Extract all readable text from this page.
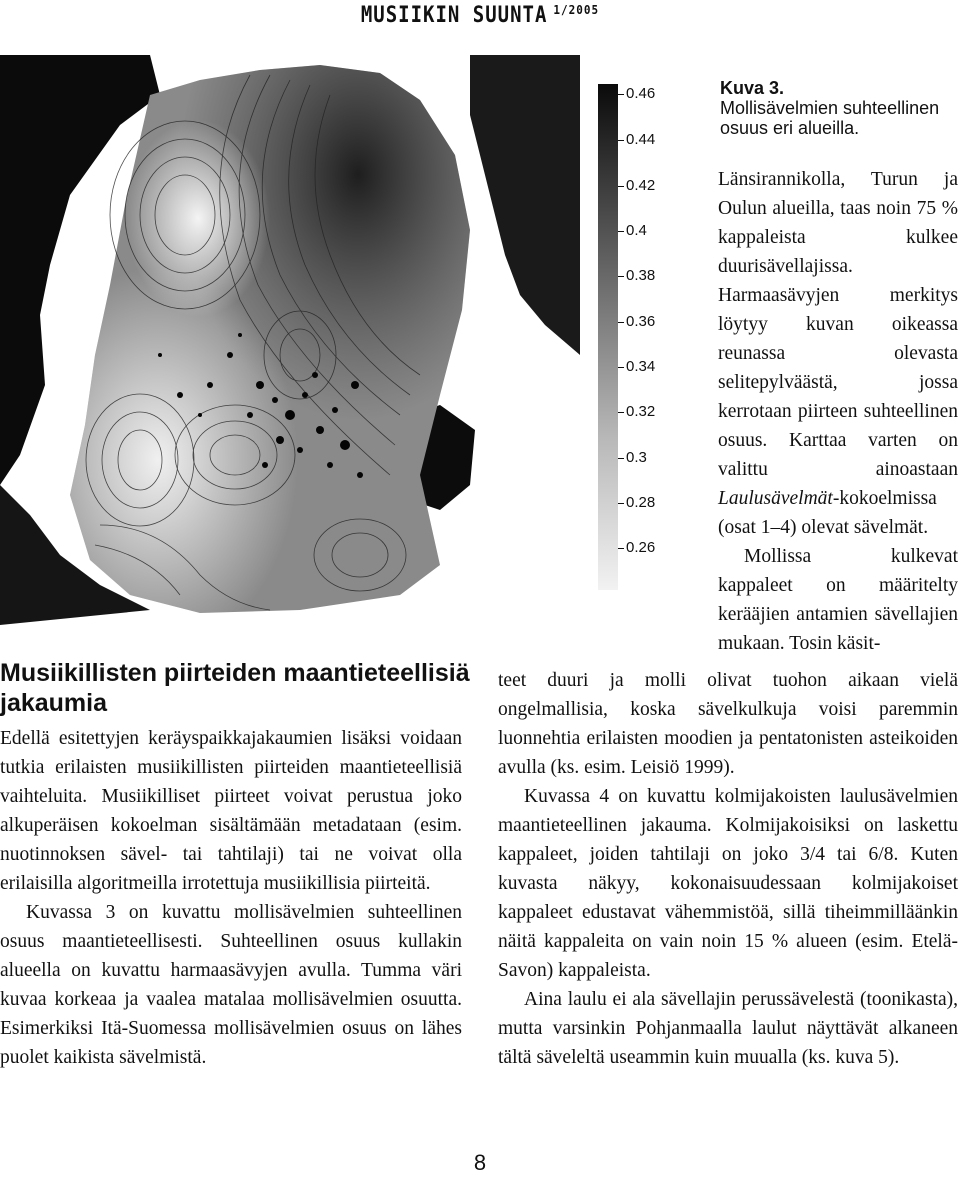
MUSIIKIN SUUNTA $^{1/2005}$
0.46
0.44
0.42
0.4
0.38
0.36
0.34
0.32
0.3
0.28
0.26
Kuva 3.
Mollisävelmien suhteellinen osuus eri alueilla.

Länsirannikolla, Turun ja Oulun alueilla, taas noin 75 % kappaleista kulkee duurisävellajissa. Harmaasävyjen merkitys löytyy kuvan oikeassa reunassa olevasta selitepylväästä, jossa kerrotaan piirteen suhteellinen osuus. Karttaa varten on valittu ainoastaan Laulusävelmät-kokoelmissa (osat 1–4) olevat sävelmät.

Mollissa kulkevat kappaleet on määritelty kerääjien antamien sävellajien mukaan. Tosin käsit-

Musiikillisten piirteiden maantieteellisiä jakaumia

Edellä esitettyjen keräyspaikkajakaumien lisäksi voidaan tutkia erilaisten musiikillisten piirteiden maantieteellisiä vaihteluita. Musiikilliset piirteet voivat perustua joko alkuperäisen kokoelman sisältämään metadataan (esim. nuotinnoksen sävel- tai tahtilaji) tai ne voivat olla erilaisilla algoritmeilla irrotettuja musiikillisia piirteitä.

Kuvassa 3 on kuvattu mollisävelmien suhteellinen osuus maantieteellisesti. Suhteellinen osuus kullakin alueella on kuvattu harmaasävyjen avulla. Tumma väri kuvaa korkeaa ja vaalea matalaa mollisävelmien osuutta. Esimerkiksi Itä-Suomessa mollisävelmien osuus on lähes puolet kaikista sävelmistä.

teet duuri ja molli olivat tuohon aikaan vielä ongelmallisia, koska sävelkulkuja voisi paremmin luonnehtia erilaisten moodien ja pentatonisten asteikoiden avulla (ks. esim. Leisiö 1999).

Kuvassa 4 on kuvattu kolmijakoisten laulusävelmien maantieteellinen jakauma. Kolmijakoisiksi on laskettu kappaleet, joiden tahtilaji on joko 3/4 tai 6/8. Kuten kuvasta näkyy, kokonaisuudessaan kolmijakoiset kappaleet edustavat vähemmistöä, sillä tiheimmilläänkin näitä kappaleita on vain noin 15 % alueen (esim. Etelä-Savon) kappaleista.

Aina laulu ei ala sävellajin perussävelestä (toonikasta), mutta varsinkin Pohjanmaalla laulut näyttävät alkaneen tältä säveleltä useammin kuin muualla (ks. kuva 5).

8
